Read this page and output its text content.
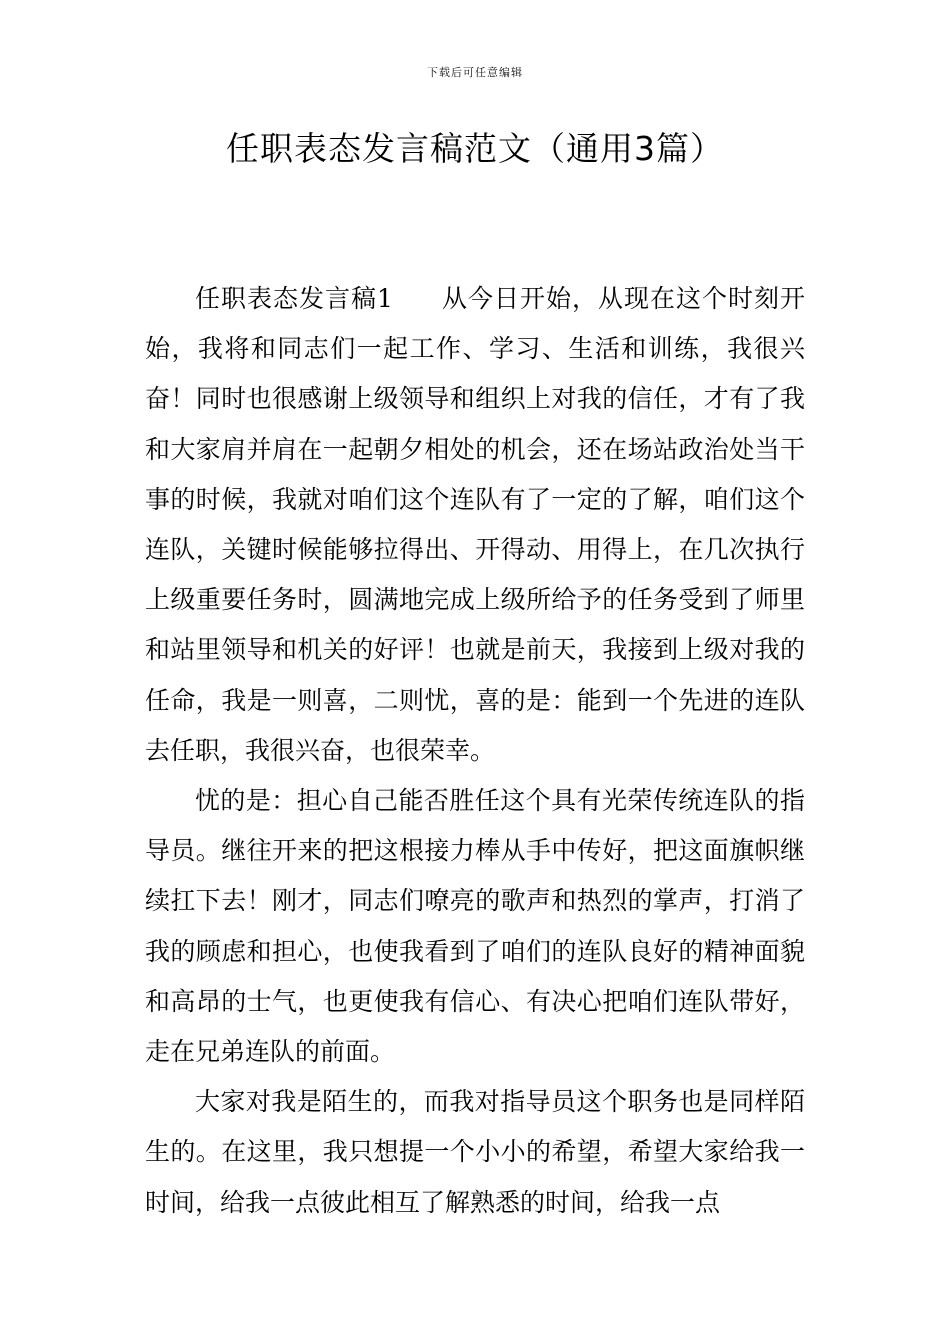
下载后可任意编辑
任职表态发言稿范文（通用3篇）

任职表态发言稿1 从今日开始，从现在这个时刻开始，我将和同志们一起工作、学习、生活和训练，我很兴奋！同时也很感谢上级领导和组织上对我的信任，才有了我和大家肩并肩在一起朝夕相处的机会，还在场站政治处当干事的时候，我就对咱们这个连队有了一定的了解，咱们这个连队，关键时候能够拉得出、开得动、用得上，在几次执行上级重要任务时，圆满地完成上级所给予的任务受到了师里和站里领导和机关的好评！也就是前天，我接到上级对我的任命，我是一则喜，二则忧，喜的是：能到一个先进的连队去任职，我很兴奋，也很荣幸。

忧的是：担心自己能否胜任这个具有光荣传统连队的指导员。继往开来的把这根接力棒从手中传好，把这面旗帜继续扛下去！刚才，同志们嘹亮的歌声和热烈的掌声，打消了我的顾虑和担心，也使我看到了咱们的连队良好的精神面貌和高昂的士气，也更使我有信心、有决心把咱们连队带好，走在兄弟连队的前面。

大家对我是陌生的，而我对指导员这个职务也是同样陌生的。在这里，我只想提一个小小的希望，希望大家给我一时间，给我一点彼此相互了解熟悉的时间，给我一点
